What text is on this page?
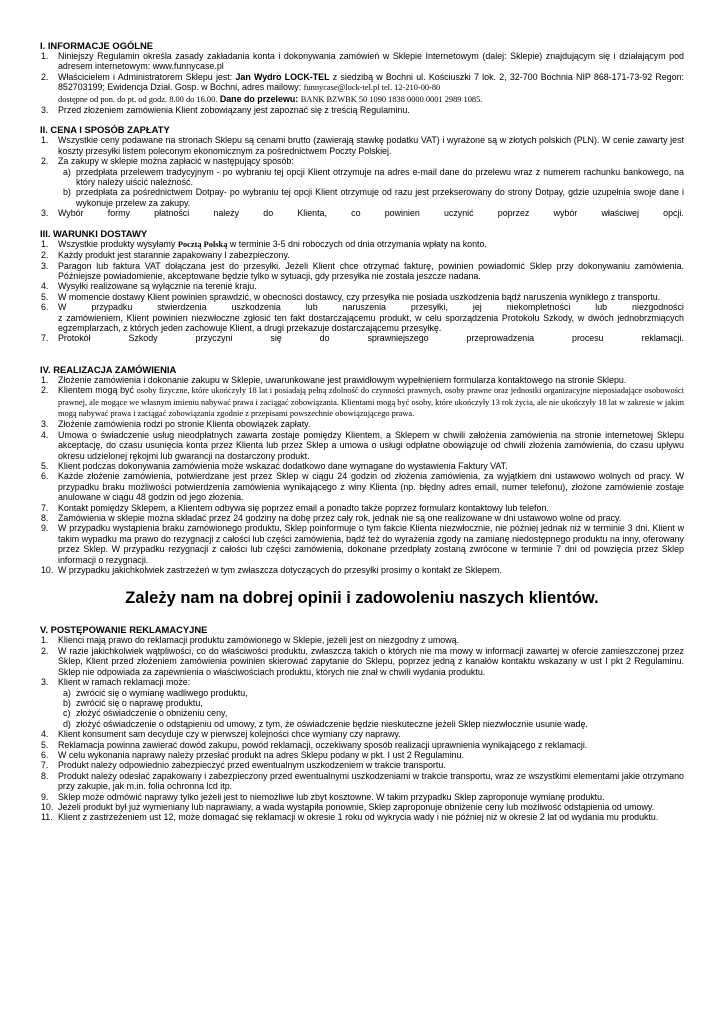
I. INFORMACJE OGÓLNE
1.	Niniejszy Regulamin określa zasady zakładania konta i dokonywania zamówień w Sklepie Internetowym (dalej: Sklepie) znajdującym się i działającym pod adresem internetowym: www.funnycase.pl
2.	Właścicielem i Administratorem Sklepu jest: Jan Wydro LOCK-TEL z siedzibą w Bochni ul. Kościuszki 7 lok. 2, 32-700 Bochnia NIP 868-171-73-92 Regon: 852703199; Ewidencja Dział. Gosp. w Bochni, adres mailowy: funnycase@lock-tel.pl tel. 12-210-00-80
dostępne od pon. do pt. od godz. 8.00 do 16.00. Dane do przelewu: BANK BZWBK 50 1090 1838 0000 0001 2989 1085.
3.	Przed złożeniem zamówienia Klient zobowiązany jest zapoznać się z treścią Regulaminu.
II. CENA I SPOSÓB ZAPŁATY
1.	Wszystkie ceny podawane na stronach Sklepu są cenami brutto (zawierają stawkę podatku VAT) i wyrażone są w złotych polskich (PLN). W cenie zawarty jest koszty przesyłki listem poleconym ekonomicznym za pośrednictwem Poczty Polskiej.
2.	Za zakupy w sklepie można zapłacić w następujący sposób:
a) przedpłata przelewem tradycyjnym - po wybraniu tej opcji Klient otrzymuje na adres e-mail dane do przelewu wraz z numerem rachunku bankowego, na który należy uiścić należność.
b) przedpłata za pośrednictwem Dotpay- po wybraniu tej opcji Klient otrzymuje od razu jest przekserowany do strony Dotpay, gdzie uzupełnia swoje dane i wykonuje przelew za zakupy.
3.	Wybór	formy	płatności	należy	do	Klienta,	co	powinien	uczynić	poprzez	wybór	właściwej	opcji.
III. WARUNKI DOSTAWY
1.	Wszystkie produkty wysyłamy Pocztą Polską w terminie 3-5 dni roboczych od dnia otrzymania wpłaty na konto.
2.	Każdy produkt jest starannie zapakowany I zabezpieczony.
3.	Paragon lub faktura VAT dołączana jest do przesyłki. Jeżeli Klient chce otrzymać fakturę, powinien powiadomić Sklep przy dokonywaniu zamówienia. Późniejsze powiadomienie, akceptowane będzie tylko w sytuacji, gdy przesyłka nie została jeszcze nadana.
4.	Wysyłki realizowane są wyłącznie na terenie kraju.
5.	W momencie dostawy Klient powinien sprawdzić, w obecności dostawcy, czy przesyłka nie posiada uszkodzenia bądź naruszenia wynikłego z transportu.
6.	W	przypadku	stwierdzenia	uszkodzenia	lub	naruszenia	przesyłki,	jej	niekompletności	lub	niezgodności
z zamówieniem, Klient powinien niezwłoczne zgłosić ten fakt dostarczającemu produkt, w celu sporządzenia Protokołu Szkody, w dwóch jednobrzmiących egzemplarzach, z których jeden zachowuje Klient, a drugi przekazuje dostarczającemu przesyłkę.
7.	Protokół	Szkody	przyczyni	się	do	sprawniejszego	przeprowadzenia	procesu	reklamacji.
IV. REALIZACJA ZAMÓWIENIA
1.	Złożenie zamówienia i dokonanie zakupu w Sklepie, uwarunkowane jest prawidłowym wypełnieniem formularza kontaktowego na stronie Sklepu.
2.	Klientem mogą być osoby fizyczne, które ukończyły 18 lat i posiadają pełną zdolność do czynności prawnych, osoby prawne oraz jednostki organizacyjne nieposiadające osobowości prawnej, ale mogące we własnym imieniu nabywać prawa i zaciągać zobowiązania. Klientami mogą być osoby, które ukończyły 13 rok życia, ale nie ukończyły 18 lat w zakresie w jakim mogą nabywać prawa i zaciągać zobowiązania zgodnie z przepisami powszechnie obowiązującego prawa.
3.	Złożenie zamówienia rodzi po stronie Klienta obowiązek zapłaty.
4.	Umowa o świadczenie usług nieodpłatnych zawarta zostaje pomiędzy Klientem, a Sklepem w chwili założenia zamówienia na stronie internetowej Sklepu akceptację, do czasu usunięcia konta przez Klienta lub przez Sklep a umowa o usługi odpłatne obowiązuje od chwili złożenia zamówienia, do czasu upływu okresu udzielonej rękojmi lub gwarancji na dostarczony produkt.
5.	Klient podczas dokonywania zamówienia może wskazać dodatkowo dane wymagane do wystawienia Faktury VAT.
6.	Każde złożenie zamówienia, potwierdzane jest przez Sklep w ciągu 24 godzin od złożenia zamówienia, za wyjątkiem dni ustawowo wolnych od pracy. W przypadku braku możliwości potwierdzenia zamówienia wynikającego z winy Klienta (np. błędny adres email, numer telefonu), złożone zamówienie zostaje anulowane w ciągu 48 godzin od jego złożenia.
7.	Kontakt pomiędzy Sklepem, a Klientem odbywa się poprzez email a ponadto także poprzez formularz kontaktowy lub telefon.
8.	Zamówienia w sklepie można składać przez 24 godziny na dobę przez cały rok, jednak nie są one realizowane w dni ustawowo wolne od pracy.
9.	W przypadku wystąpienia braku zamówionego produktu, Sklep poinformuje o tym fakcie Klienta niezwłocznie, nie później jednak niż w terminie 3 dni. Klient w takim wypadku ma prawo do rezygnacji z całości lub części zamówienia, bądź też do wyrażenia zgody na zamianę niedostępnego produktu na inny, oferowany przez Sklep. W przypadku rezygnacji z całości lub części zamówienia, dokonane przedpłaty zostaną zwrócone w terminie 7 dni od powzięcia przez Sklep informacji o rezygnacji.
10. W przypadku jakichkolwiek zastrzeżeń w tym zwłaszcza dotyczących do przesyłki prosimy o kontakt ze Sklepem.
Zależy nam na dobrej opinii i zadowoleniu naszych klientów.
V. POSTĘPOWANIE REKLAMACYJNE
1.	Klienci mają prawo do reklamacji produktu zamówionego w Sklepie, jeżeli jest on niezgodny z umową.
2.	W razie jakichkolwiek wątpliwości, co do właściwości produktu, zwłaszcza takich o których nie ma mowy w informacji zawartej w ofercie zamieszczonej przez Sklep, Klient przed złożeniem zamówienia powinien skierować zapytanie do Sklepu, poprzez jedną z kanałów kontaktu wskazany w ust I pkt 2 Regulaminu. Sklep nie odpowiada za zapewnienia o właściwościach produktu, których nie znał w chwili wydania produktu.
3.	Klient w ramach reklamacji może:
a) zwrócić się o wymianę wadliwego produktu,
b) zwrócić się o naprawę produktu,
c) złożyć oświadczenie o obniżeniu ceny,
d) złożyć oświadczenie o odstąpieniu od umowy, z tym, że oświadczenie będzie nieskuteczne jeżeli Sklep niezwłocznie usunie wadę.
4.	Klient konsument sam decyduje czy w pierwszej kolejności chce wymiany czy naprawy.
5.	Reklamacja powinna zawierać dowód zakupu, powód reklamacji, oczekiwany sposób realizacji uprawnienia wynikającego z reklamacji.
6.	W celu wykonania naprawy należy przesłać produkt na adres Sklepu podany w pkt. I ust 2 Regulaminu.
7.	Produkt należy odpowiednio zabezpieczyć przed ewentualnym uszkodzeniem w trakcie transportu.
8.	Produkt należy odesłać zapakowany i zabezpieczony przed ewentualnymi uszkodzeniami w trakcie transportu, wraz ze wszystkimi elementami jakie otrzymano przy zakupie, jak m.in. folia ochronna lcd itp.
9.	Sklep może odmówić naprawy tylko jeżeli jest to niemożliwe lub zbyt kosztowne. W takim przypadku Sklep zaproponuje wymianę produktu.
10. Jeżeli produkt był już wymieniany lub naprawiany, a wada wystąpiła ponownie, Sklep zaproponuje obniżenie ceny lub możliwość odstąpienia od umowy.
11. Klient z zastrzeżeniem ust 12, może domagać się reklamacji w okresie 1 roku od wykrycia wady i nie później niż w okresie 2 lat od wydania mu produktu.
